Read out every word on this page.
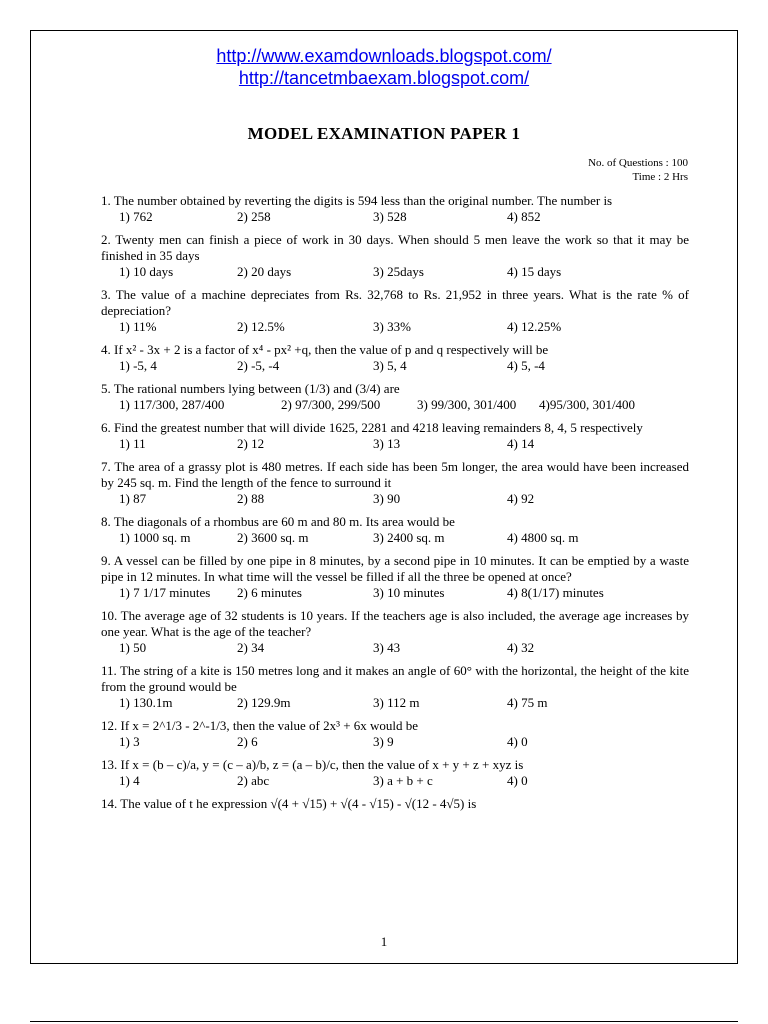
http://www.examdownloads.blogspot.com/
http://tancetmbaexam.blogspot.com/
MODEL EXAMINATION PAPER 1
No. of Questions : 100
Time : 2 Hrs

1. The number obtained by reverting the digits is 594 less than the original number. The number is

1) 762	2) 258	3) 528	4) 852

2. Twenty men can finish a piece of work in 30 days. When should 5 men leave the work so that it may be finished in 35 days

1) 10 days	2) 20 days	3) 25days	4) 15 days

3. The value of a machine depreciates from Rs. 32,768 to Rs. 21,952 in three years. What is the rate % of depreciation?

1) 11%	2) 12.5%	3) 33%	4) 12.25%

4. If x² - 3x + 2 is a factor of x⁴ - px² +q, then the value of p and q respectively will be

1) -5, 4	2) -5, -4	3) 5, 4	4) 5, -4

5. The rational numbers lying between (1/3) and (3/4) are

1) 117/300, 287/400	2) 97/300, 299/500	3) 99/300, 301/400 4)95/300, 301/400

6. Find the greatest number that will divide 1625, 2281 and 4218 leaving remainders 8, 4, 5 respectively

1) 11	2) 12	3) 13	4) 14

7. The area of a grassy plot is 480 metres. If each side has been 5m longer, the area would have been increased by 245 sq. m. Find the length of the fence to surround it

1) 87	2) 88	3) 90	4) 92

8. The diagonals of a rhombus are 60 m and 80 m. Its area would be

1) 1000 sq. m	2) 3600 sq. m	3) 2400 sq. m	4) 4800 sq. m

9. A vessel can be filled by one pipe in 8 minutes, by a second pipe in 10 minutes. It can be emptied by a waste pipe in 12 minutes. In what time will the vessel be filled if all the three be opened at once?

1) 7 1/17 minutes 2) 6 minutes	3) 10 minutes	4) 8(1/17) minutes

10. The average age of 32 students is 10 years. If the teachers age is also included, the average age increases by one year. What is the age of the teacher?

1) 50	2) 34	3) 43	4) 32

11. The string of a kite is 150 metres long and it makes an angle of 60° with the horizontal, the height of the kite from the ground would be

1) 130.1m	2) 129.9m	3) 112 m	4) 75 m

12. If x = 2^1/3 - 2^-1/3, then the value of 2x³ + 6x would be

1) 3	2) 6	3) 9	4) 0

13. If x = (b – c)/a, y = (c – a)/b, z = (a – b)/c, then the value of x + y + z + xyz is

1) 4	2) abc	3) a + b + c	4) 0

14. The value of t he expression √(4 + √15) + √(4 - √15) - √(12 - 4√5) is

1
